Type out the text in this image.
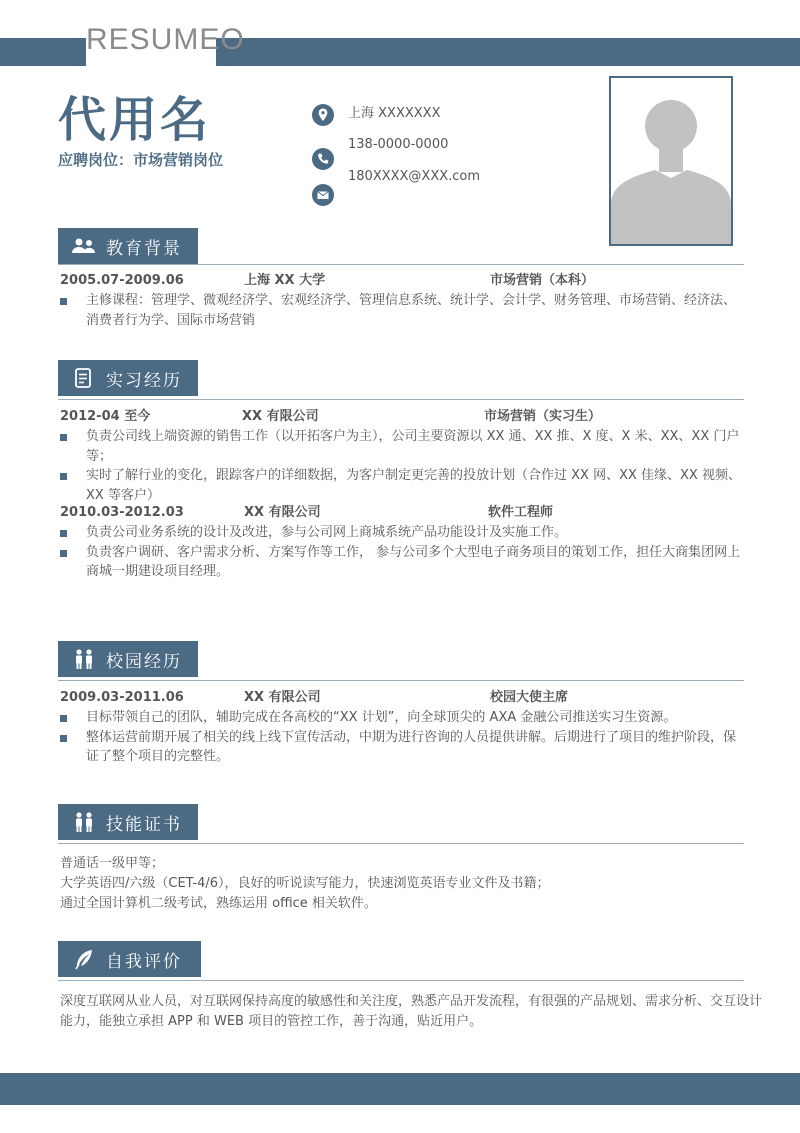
RESUMEO
代用名
应聘岗位：市场营销岗位
上海 XXXXXXX
138-0000-0000
180XXXX@XXX.com
教育背景
2005.07-2009.06	上海 XX 大学	市场营销（本科）
主修课程：管理学、微观经济学、宏观经济学、管理信息系统、统计学、会计学、财务管理、市场营销、经济法、消费者行为学、国际市场营销
实习经历
2012-04 至今	XX 有限公司	市场营销（实习生）
负责公司线上端资源的销售工作（以开拓客户为主），公司主要资源以 XX 通、XX 推、X 度、X 米、XX、XX 门户等；
实时了解行业的变化，跟踪客户的详细数据，为客户制定更完善的投放计划（合作过 XX 网、XX 佳缘、XX 视频、XX 等客户）
2010.03-2012.03	XX 有限公司	软件工程师
负责公司业务系统的设计及改进，参与公司网上商城系统产品功能设计及实施工作。
负责客户调研、客户需求分析、方案写作等工作， 参与公司多个大型电子商务项目的策划工作，担任大商集团网上商城一期建设项目经理。
校园经历
2009.03-2011.06	XX 有限公司	校园大使主席
目标带领自己的团队，辅助完成在各高校的“XX 计划”，向全球顶尖的 AXA 金融公司推送实习生资源。
整体运营前期开展了相关的线上线下宣传活动，中期为进行咨询的人员提供讲解。后期进行了项目的维护阶段，保证了整个项目的完整性。
技能证书
普通话一级甲等；
大学英语四/六级（CET-4/6），良好的听说读写能力，快速浏览英语专业文件及书籍；
通过全国计算机二级考试，熟练运用 office 相关软件。
自我评价
深度互联网从业人员，对互联网保持高度的敏感性和关注度，熟悉产品开发流程，有很强的产品规划、需求分析、交互设计能力，能独立承担 APP 和 WEB 项目的管控工作，善于沟通，贴近用户。
